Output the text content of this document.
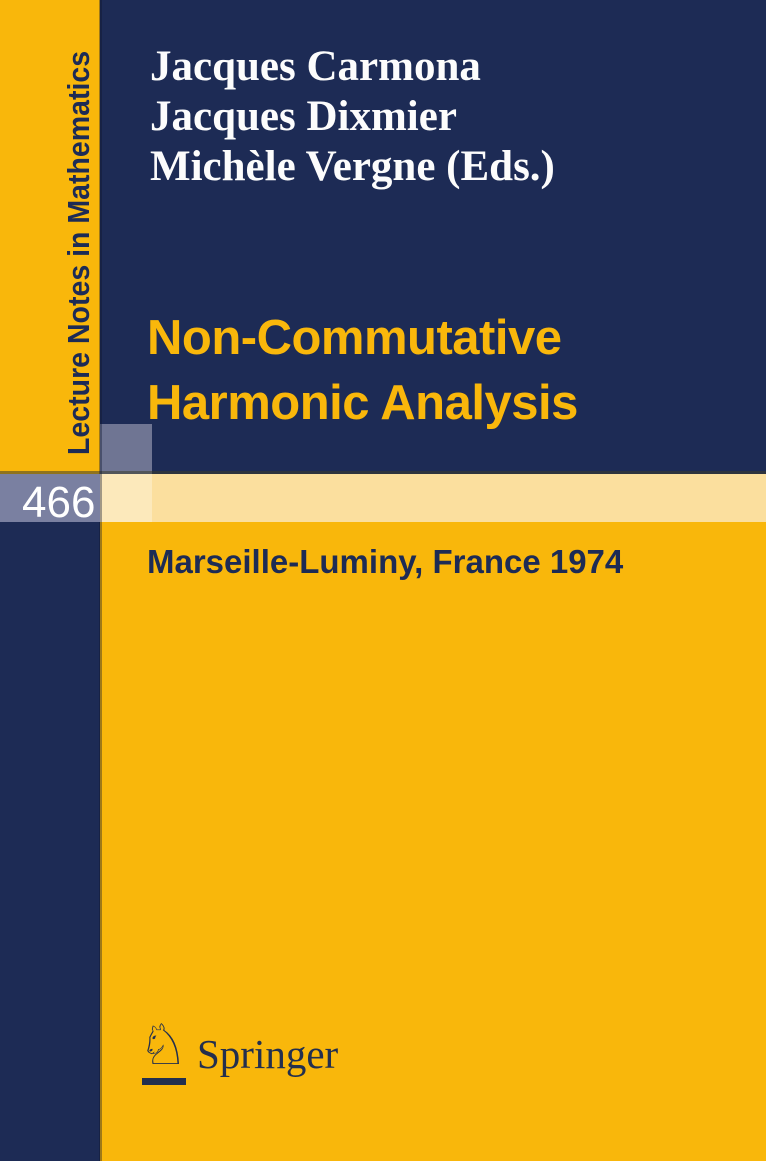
466
Lecture Notes in Mathematics Jacques Carmona
Jacques Dixmier
Michèle Vergne (Eds.)
Non-Commutative
Harmonic Analysis
Marseille-Luminy, France 1974
♘ Springer
